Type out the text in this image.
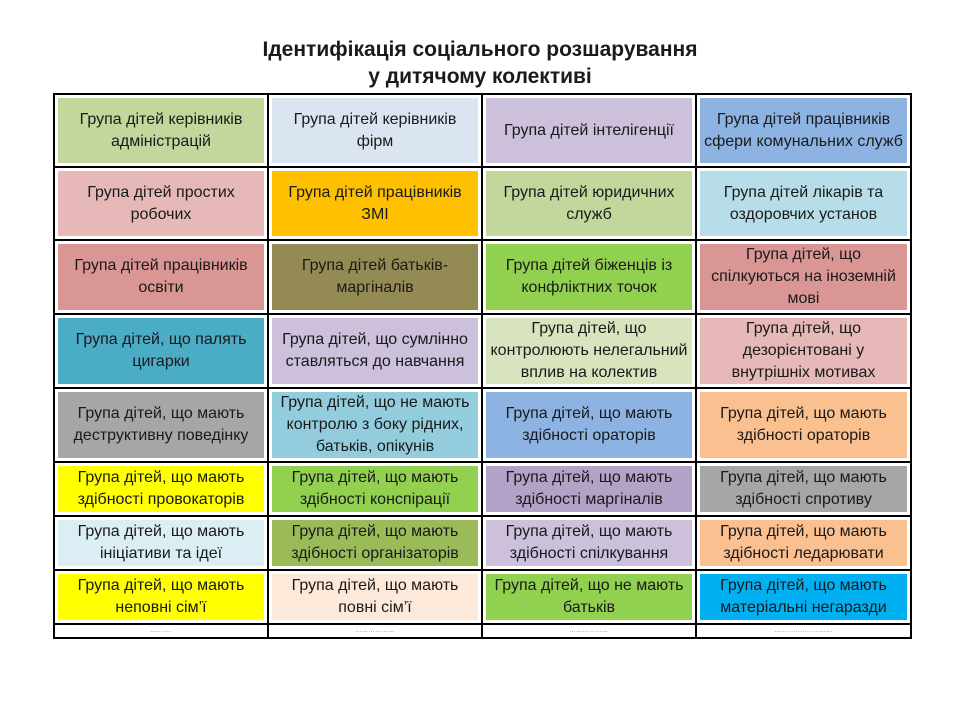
Ідентифікація соціального розшарування
у дитячому колективі
Група дітей керівників адміністрацій	Група дітей керівників фірм	Група дітей інтелігенції	Група дітей працівників сфери комунальних служб

Група дітей простих робочих	Група дітей працівників ЗМІ	Група дітей юридичних служб	Група дітей лікарів та оздоровчих установ

Група дітей працівників освіти	Група дітей батьків-маргіналів	Група дітей біженців із конфліктних точок	Група дітей, що спілкуються на іноземній мові

Група дітей, що палять цигарки	Група дітей, що сумлінно ставляться до навчання	Група дітей, що контролюють нелегальний вплив на колектив	Група дітей, що дезорієнтовані у внутрішніх мотивах

Група дітей, що мають деструктивну поведінку	Група дітей, що не мають контролю з боку рідних, батьків, опікунів	Група дітей, що мають здібності ораторів	Група дітей, що мають здібності ораторів

Група дітей, що мають здібності провокаторів	Група дітей, що мають здібності конспірації	Група дітей, що мають здібності маргіналів	Група дітей, що мають здібності спротиву

Група дітей, що мають ініціативи та ідеї	Група дітей, що мають здібності організаторів	Група дітей, що мають здібності спілкування	Група дітей, що мають здібності ледарювати

Група дітей, що мають неповні сім’ї	Група дітей, що мають повні сім’ї	Група дітей, що не мають батьків	Група дітей, що мають матеріальні негаразди

……….	………………	………………	………………………
